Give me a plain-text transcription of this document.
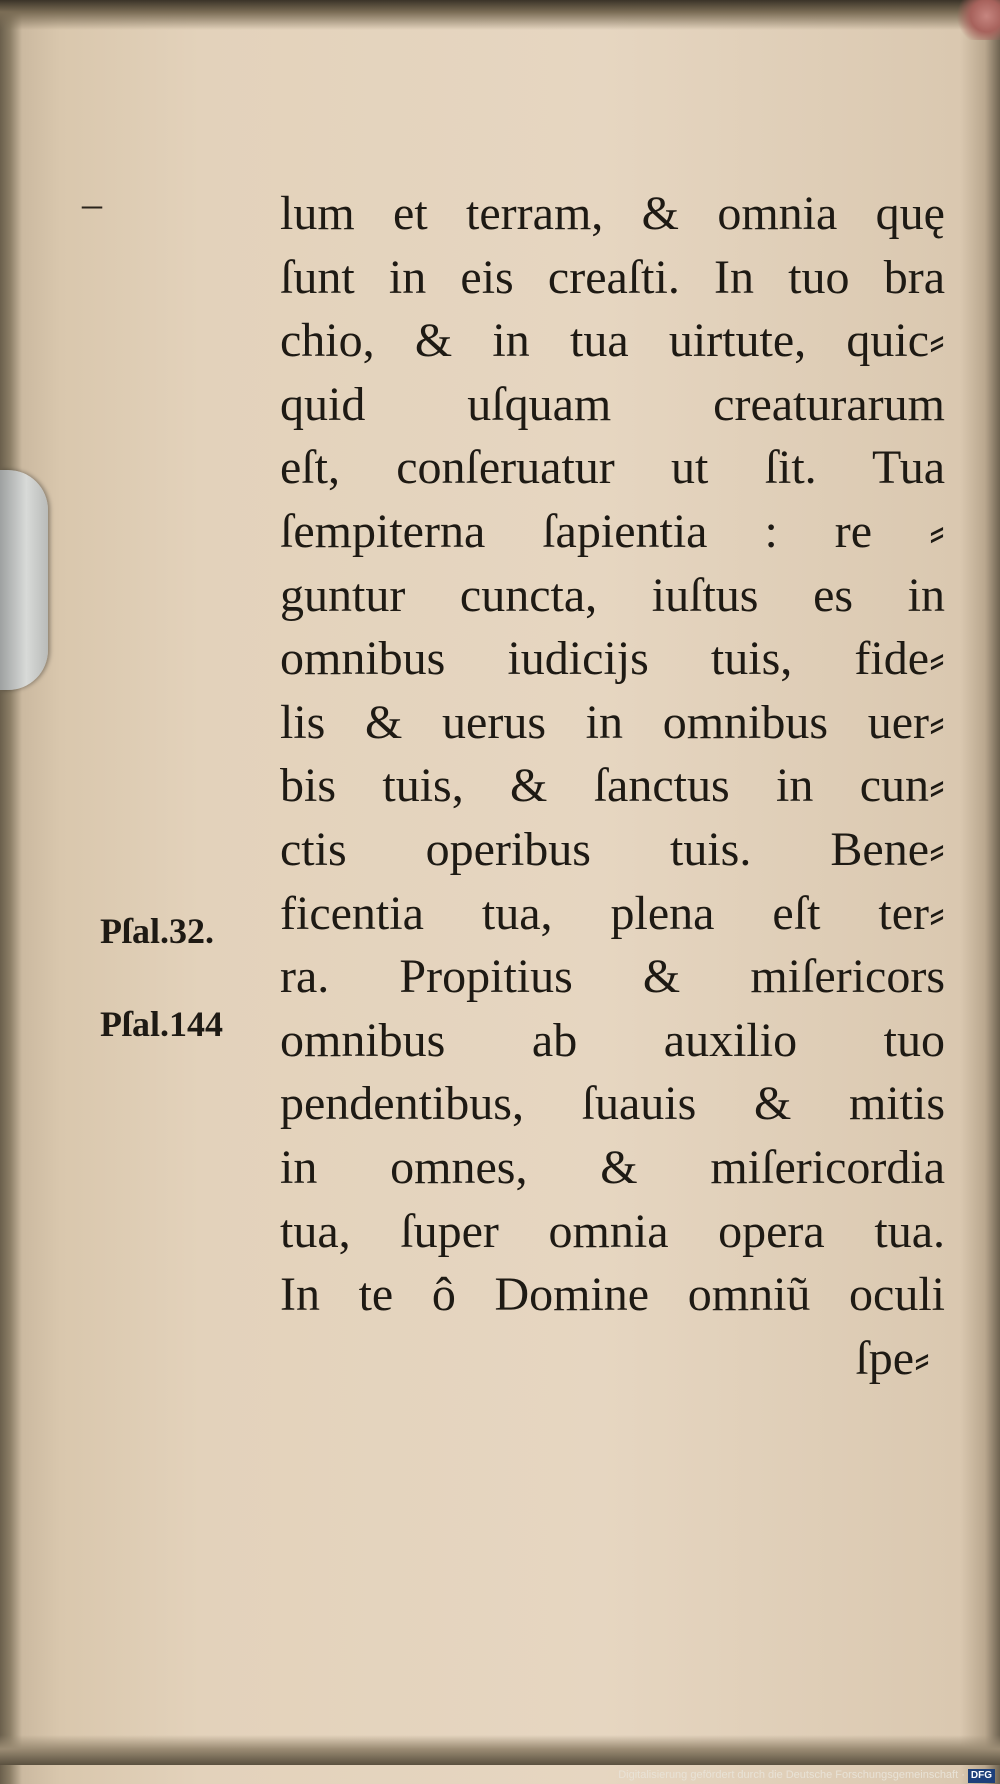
–	lum et terram, & omnia quę
ſunt in eis creaſti. In tuo bra
chio, & in tua uirtute, quic⸗
quid uſquam creaturarum
eſt, conſeruatur ut ſit. Tua
ſempiterna ſapientia : re ⸗
guntur cuncta, iuſtus es in
omnibus iudicijs tuis, fide⸗
lis & uerus in omnibus uer⸗
bis tuis, & ſanctus in cun⸗
ctis operibus tuis. Bene⸗
ficentia tua, plena eſt ter⸗
ra. Propitius & miſericors
omnibus ab auxilio tuo
pendentibus, ſuauis & mitis
in omnes, & miſericordia
tua, ſuper omnia opera tua.
In te ô Domine omniũ oculi
ſpe⸗
Pſal.32.
Pſal.144
Digitalisierung gefördert durch die Deutsche Forschungsgemeinschaft · DFG
